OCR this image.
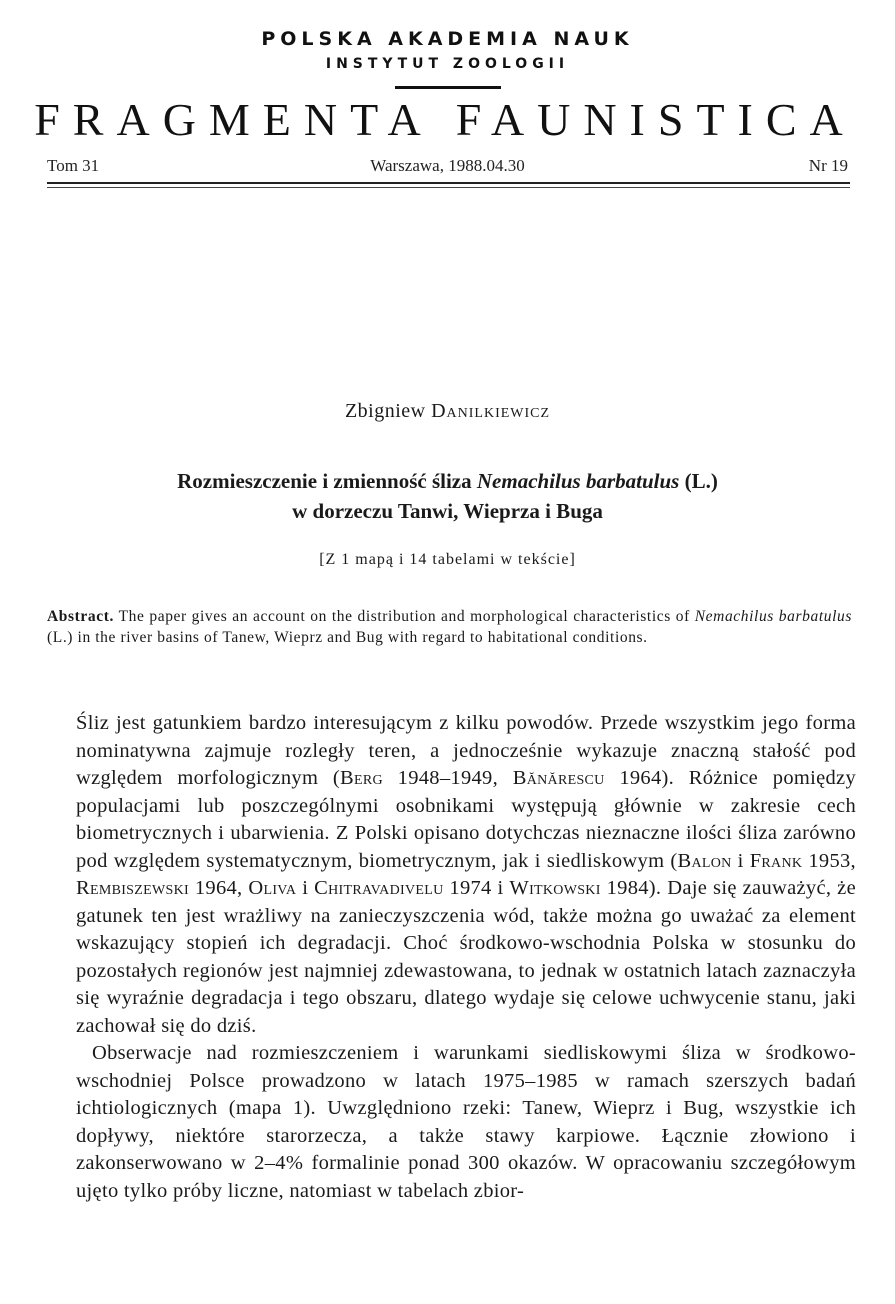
POLSKA AKADEMIA NAUK
INSTYTUT ZOOLOGII
FRAGMENTA FAUNISTICA
Tom 31	Warszawa, 1988.04.30	Nr 19
Zbigniew Danilkiewicz
Rozmieszczenie i zmienność śliza Nemachilus barbatulus (L.)
w dorzeczu Tanwi, Wieprza i Buga
[Z 1 mapą i 14 tabelami w tekście]
Abstract. The paper gives an account on the distribution and morphological characteristics of Nemachilus barbatulus (L.) in the river basins of Tanew, Wieprz and Bug with regard to habitational conditions.

Śliz jest gatunkiem bardzo interesującym z kilku powodów. Przede wszystkim jego forma nominatywna zajmuje rozległy teren, a jednocześnie wykazuje znaczną stałość pod względem morfologicznym (Berg 1948–1949, Bănărescu 1964). Różnice pomiędzy populacjami lub poszczególnymi osobnikami występują głównie w zakresie cech biometrycznych i ubarwienia. Z Polski opisano dotychczas nieznaczne ilości śliza zarówno pod względem systematycznym, biometrycznym, jak i siedliskowym (Balon i Frank 1953, Rembiszewski 1964, Oliva i Chitravadivelu 1974 i Witkowski 1984). Daje się zauważyć, że gatunek ten jest wrażliwy na zanieczyszczenia wód, także można go uważać za element wskazujący stopień ich degradacji. Choć środkowo-wschodnia Polska w stosunku do pozostałych regionów jest najmniej zdewastowana, to jednak w ostatnich latach zaznaczyła się wyraźnie degradacja i tego obszaru, dlatego wydaje się celowe uchwycenie stanu, jaki zachował się do dziś.

Obserwacje nad rozmieszczeniem i warunkami siedliskowymi śliza w środkowo-wschodniej Polsce prowadzono w latach 1975–1985 w ramach szerszych badań ichtiologicznych (mapa 1). Uwzględniono rzeki: Tanew, Wieprz i Bug, wszystkie ich dopływy, niektóre starorzecza, a także stawy karpiowe. Łącznie złowiono i zakonserwowano w 2–4% formalinie ponad 300 okazów. W opracowaniu szczegółowym ujęto tylko próby liczne, natomiast w tabelach zbior-
